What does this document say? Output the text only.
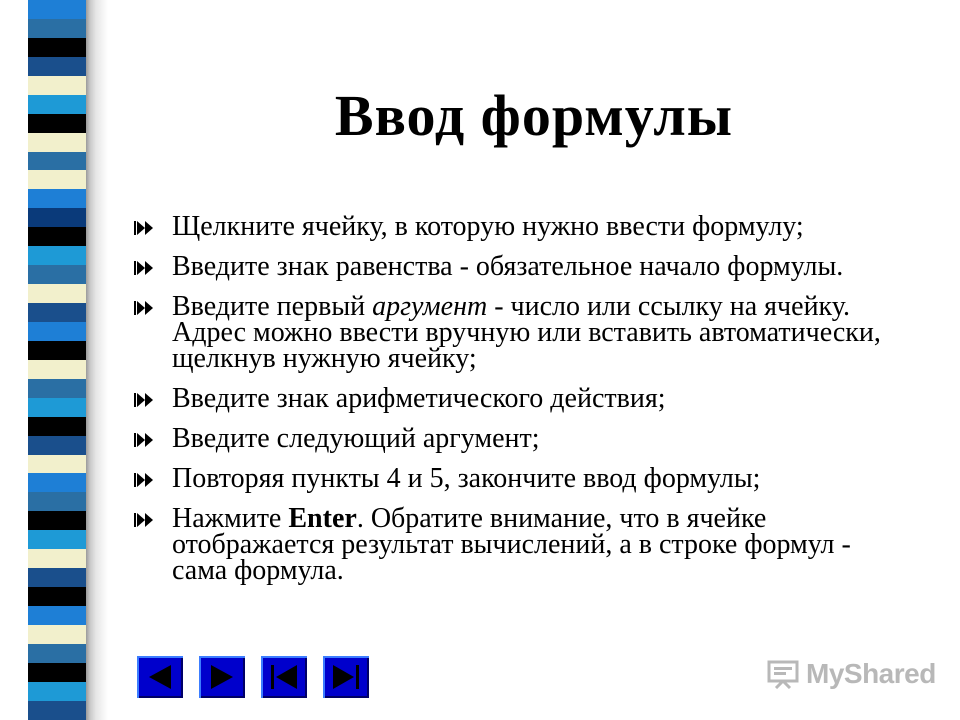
Ввод формулы
Щелкните ячейку, в которую нужно ввести формулу;
Введите знак равенства - обязательное начало формулы.
Введите первый аргумент - число или ссылку на ячейку. Адрес можно ввести вручную или вставить автоматически, щелкнув нужную ячейку;
Введите знак арифметического действия;
Введите следующий аргумент;
Повторяя пункты 4 и 5, закончите ввод формулы;
Нажмите Enter. Обратите внимание, что в ячейке отображается результат вычислений, а в строке формул - сама формула.
MyShared
